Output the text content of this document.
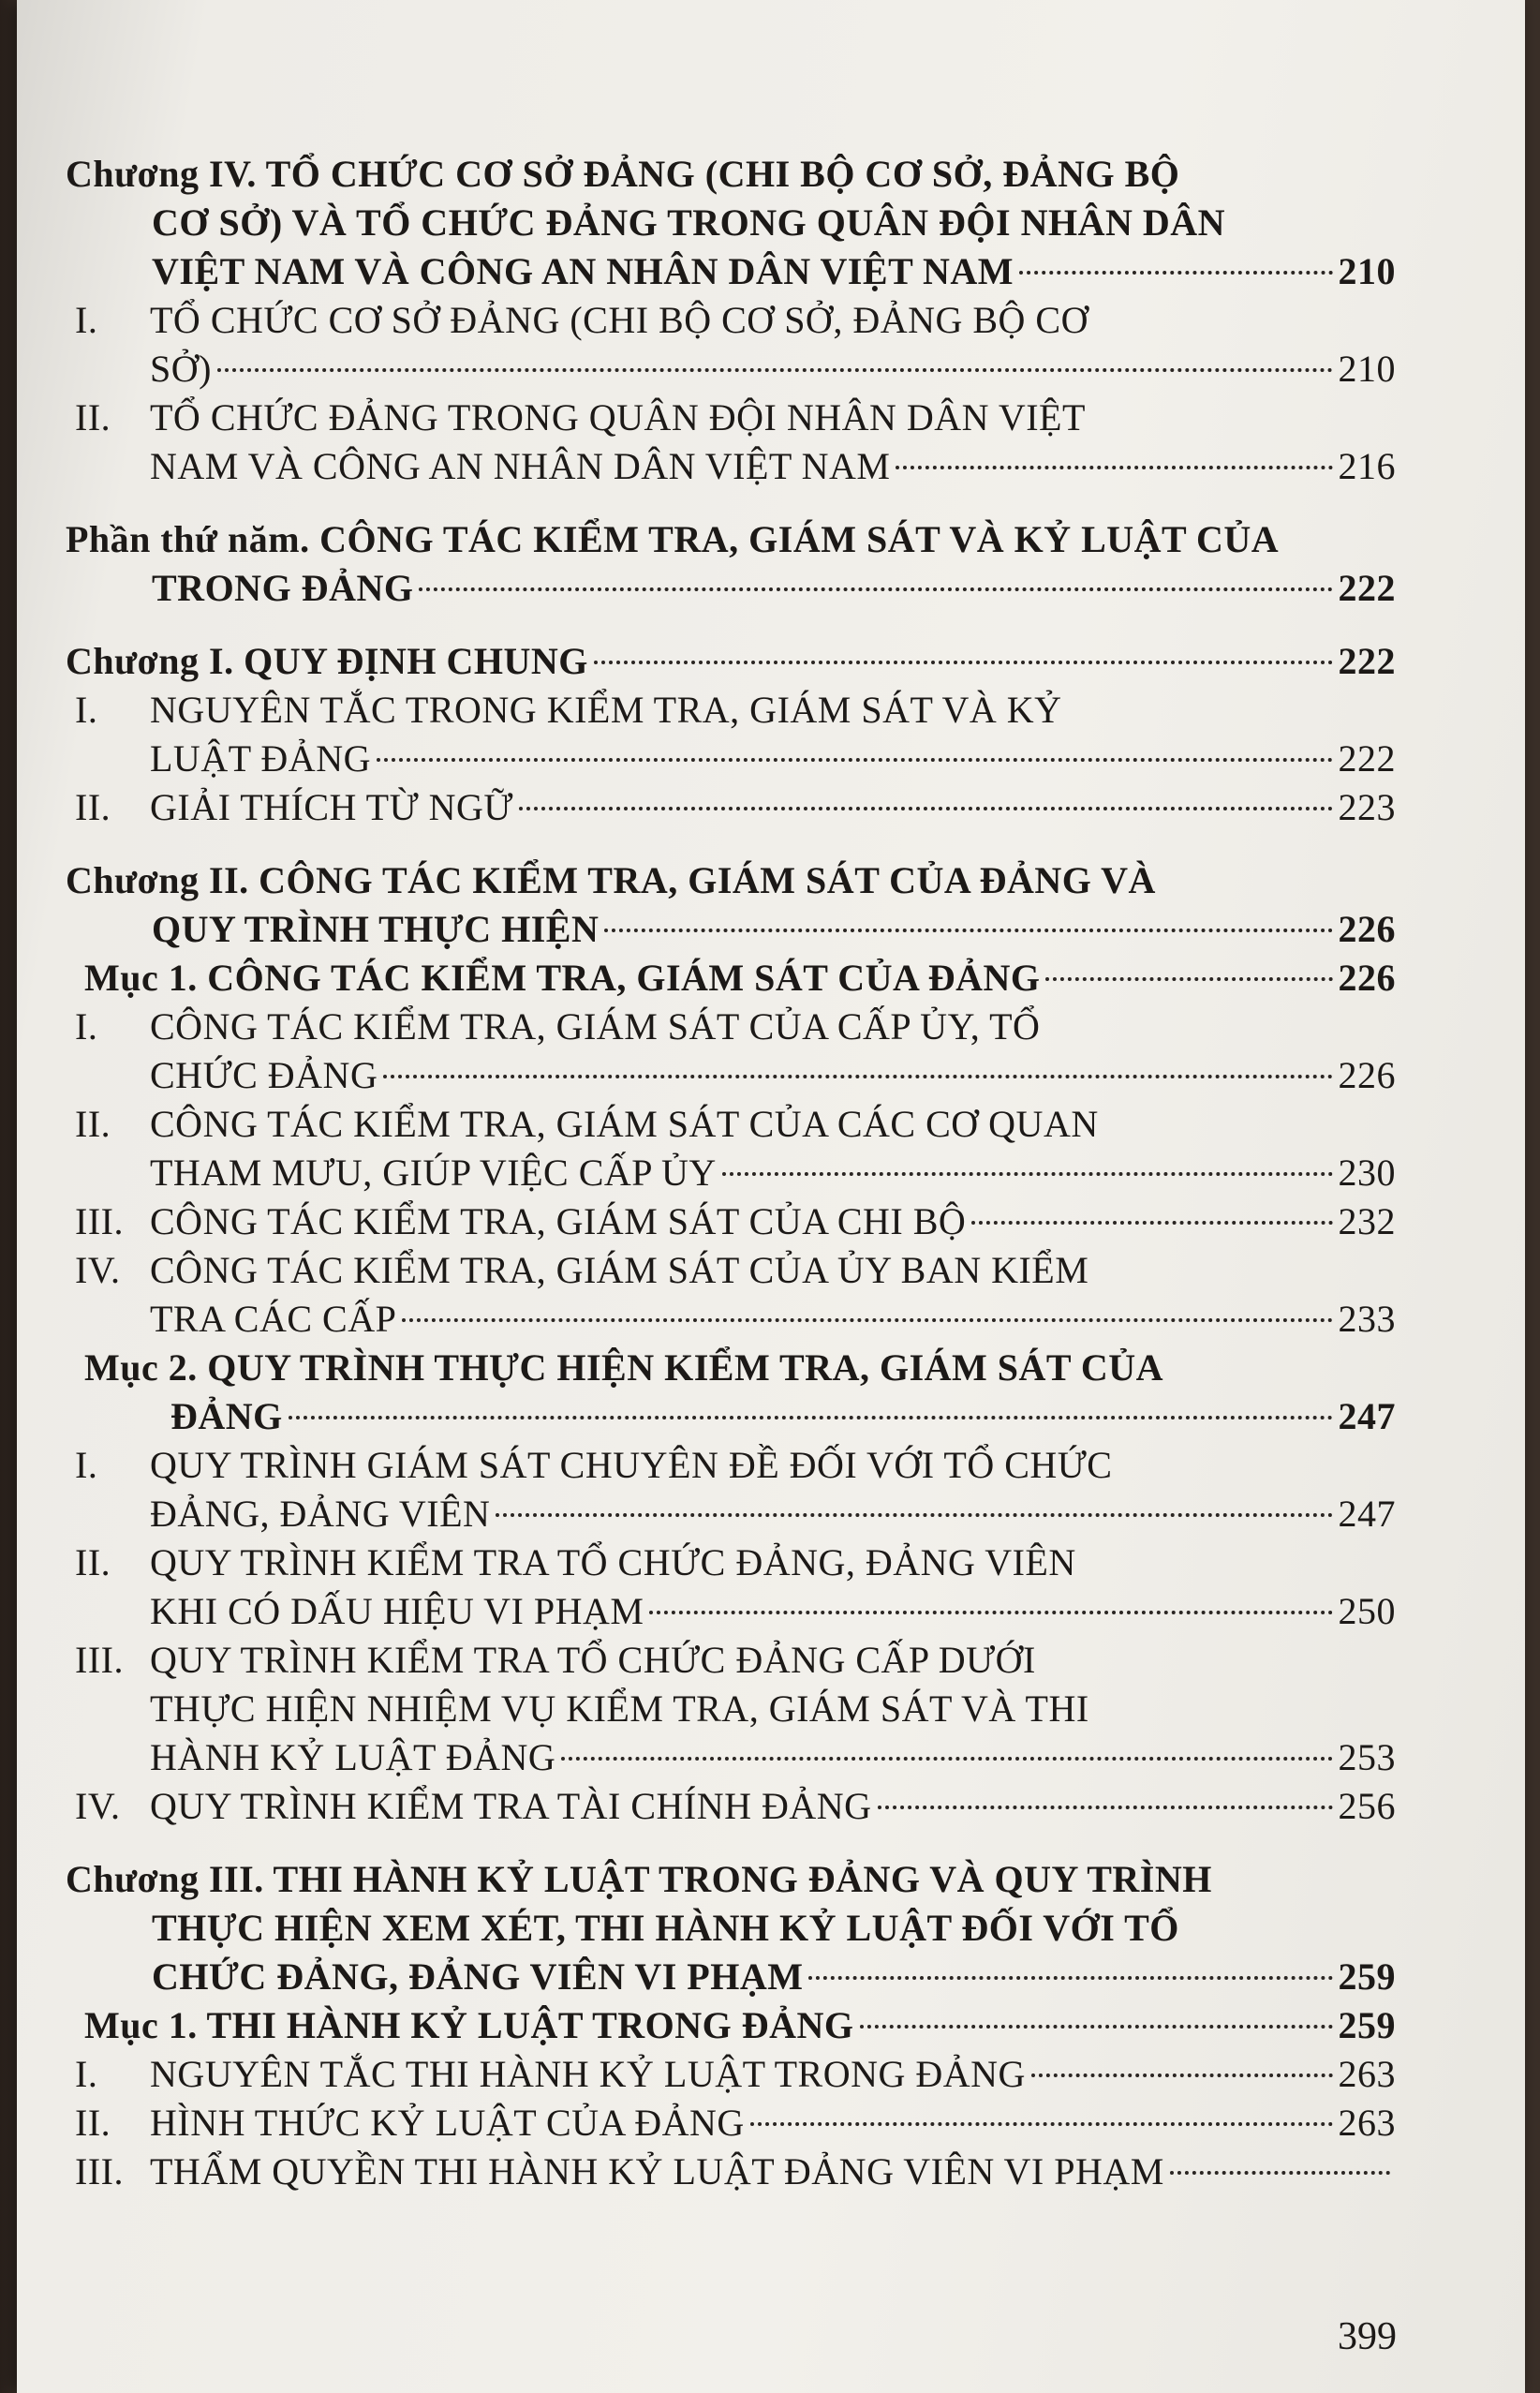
Chương IV. TỔ CHỨC CƠ SỞ ĐẢNG (CHI BỘ CƠ SỞ, ĐẢNG BỘ
CƠ SỞ) VÀ TỔ CHỨC ĐẢNG TRONG QUÂN ĐỘI NHÂN DÂN
VIỆT NAM VÀ CÔNG AN NHÂN DÂN VIỆT NAM	210
I.	TỔ CHỨC CƠ SỞ ĐẢNG (CHI BỘ CƠ SỞ, ĐẢNG BỘ CƠ
SỞ)	210
II.	TỔ CHỨC ĐẢNG TRONG QUÂN ĐỘI NHÂN DÂN VIỆT
NAM VÀ CÔNG AN NHÂN DÂN VIỆT NAM	216
Phần thứ năm. CÔNG TÁC KIỂM TRA, GIÁM SÁT VÀ KỶ LUẬT CỦA
TRONG ĐẢNG	222
Chương I. QUY ĐỊNH CHUNG	222
I.	NGUYÊN TẮC TRONG KIỂM TRA, GIÁM SÁT VÀ KỶ
LUẬT ĐẢNG	222
II.	GIẢI THÍCH TỪ NGỮ	223
Chương II. CÔNG TÁC KIỂM TRA, GIÁM SÁT CỦA ĐẢNG VÀ
QUY TRÌNH THỰC HIỆN	226
Mục 1. CÔNG TÁC KIỂM TRA, GIÁM SÁT CỦA ĐẢNG	226
I.	CÔNG TÁC KIỂM TRA, GIÁM SÁT CỦA CẤP ỦY, TỔ
CHỨC ĐẢNG	226
II.	CÔNG TÁC KIỂM TRA, GIÁM SÁT CỦA CÁC CƠ QUAN
THAM MƯU, GIÚP VIỆC CẤP ỦY	230
III. CÔNG TÁC KIỂM TRA, GIÁM SÁT CỦA CHI BỘ	232
IV. CÔNG TÁC KIỂM TRA, GIÁM SÁT CỦA ỦY BAN KIỂM
TRA CÁC CẤP	233
Mục 2. QUY TRÌNH THỰC HIỆN KIỂM TRA, GIÁM SÁT CỦA
ĐẢNG	247
I.	QUY TRÌNH GIÁM SÁT CHUYÊN ĐỀ ĐỐI VỚI TỔ CHỨC
ĐẢNG, ĐẢNG VIÊN	247
II.	QUY TRÌNH KIỂM TRA TỔ CHỨC ĐẢNG, ĐẢNG VIÊN
KHI CÓ DẤU HIỆU VI PHẠM	250
III. QUY TRÌNH KIỂM TRA TỔ CHỨC ĐẢNG CẤP DƯỚI
THỰC HIỆN NHIỆM VỤ KIỂM TRA, GIÁM SÁT VÀ THI
HÀNH KỶ LUẬT ĐẢNG	253
IV. QUY TRÌNH KIỂM TRA TÀI CHÍNH ĐẢNG	256
Chương III. THI HÀNH KỶ LUẬT TRONG ĐẢNG VÀ QUY TRÌNH
THỰC HIỆN XEM XÉT, THI HÀNH KỶ LUẬT ĐỐI VỚI TỔ
CHỨC ĐẢNG, ĐẢNG VIÊN VI PHẠM	259
Mục 1. THI HÀNH KỶ LUẬT TRONG ĐẢNG	259
I.	NGUYÊN TẮC THI HÀNH KỶ LUẬT TRONG ĐẢNG	263
II.	HÌNH THỨC KỶ LUẬT CỦA ĐẢNG	263
III. THẨM QUYỀN THI HÀNH KỶ LUẬT ĐẢNG VIÊN VI PHẠM
399
